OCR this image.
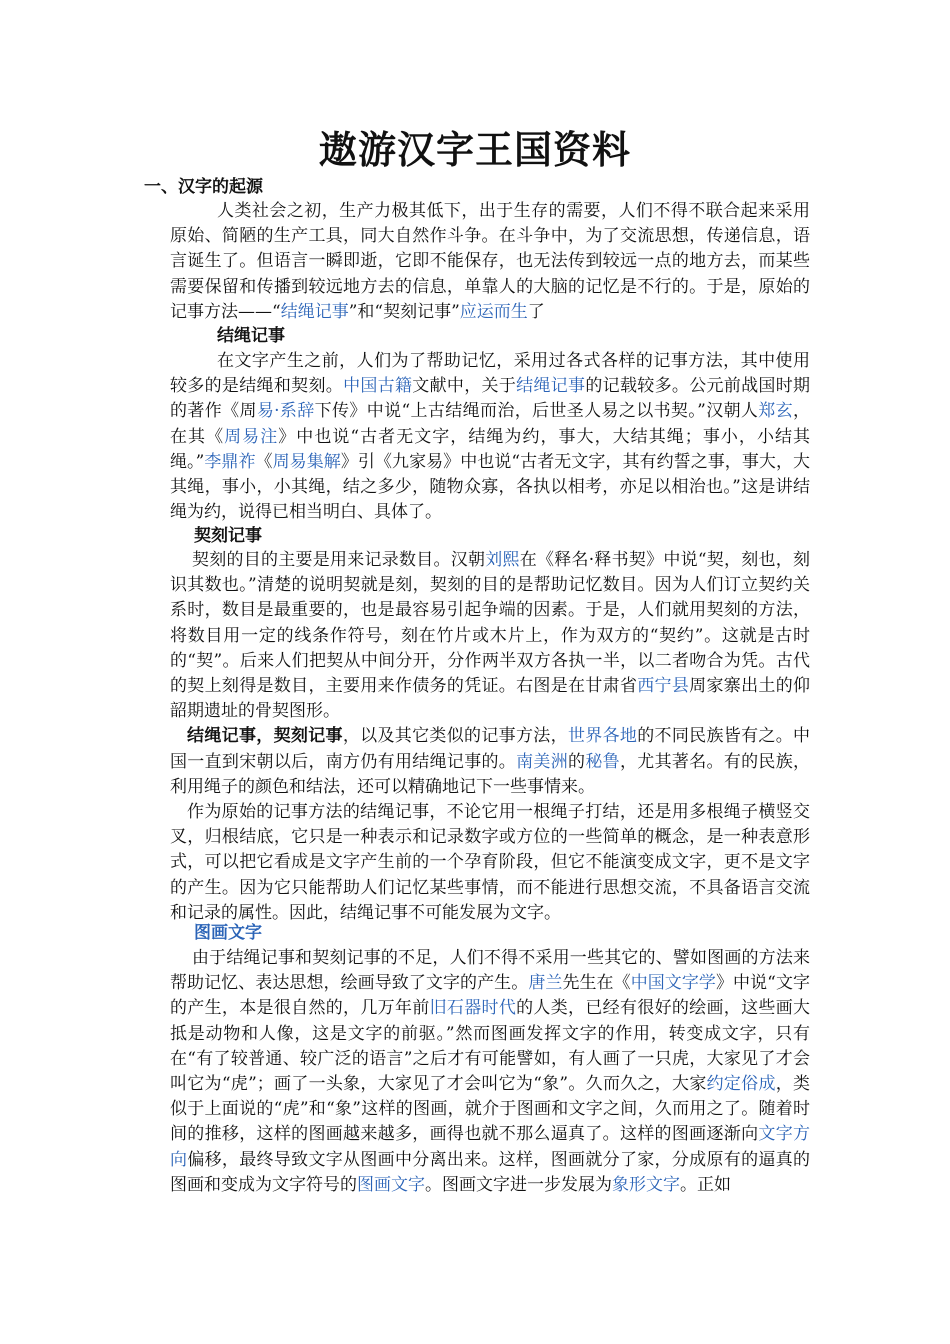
遨游汉字王国资料
一、汉字的起源

人类社会之初，生产力极其低下，出于生存的需要，人们不得不联合起来采用原始、简陋的生产工具，同大自然作斗争。在斗争中，为了交流思想，传递信息，语言诞生了。但语言一瞬即逝，它即不能保存，也无法传到较远一点的地方去，而某些需要保留和传播到较远地方去的信息，单靠人的大脑的记忆是不行的。于是，原始的记事方法——“结绳记事”和“契刻记事”应运而生了

结绳记事

在文字产生之前，人们为了帮助记忆，采用过各式各样的记事方法，其中使用较多的是结绳和契刻。中国古籍文献中，关于结绳记事的记载较多。公元前战国时期的著作《周易·系辞下传》中说“上古结绳而治，后世圣人易之以书契。”汉朝人郑玄，在其《周易注》中也说“古者无文字，结绳为约，事大，大结其绳；事小，小结其绳。”李鼎祚《周易集解》引《九家易》中也说“古者无文字，其有约誓之事，事大，大其绳，事小，小其绳，结之多少，随物众寡，各执以相考，亦足以相治也。”这是讲结绳为约，说得已相当明白、具体了。

契刻记事

契刻的目的主要是用来记录数目。汉朝刘熙在《释名·释书契》中说“契，刻也，刻识其数也。”清楚的说明契就是刻，契刻的目的是帮助记忆数目。因为人们订立契约关系时，数目是最重要的，也是最容易引起争端的因素。于是，人们就用契刻的方法，将数目用一定的线条作符号，刻在竹片或木片上，作为双方的“契约”。这就是古时的“契”。后来人们把契从中间分开，分作两半双方各执一半，以二者吻合为凭。古代的契上刻得是数目，主要用来作债务的凭证。右图是在甘肃省西宁县周家寨出土的仰韶期遗址的骨契图形。

结绳记事，契刻记事，以及其它类似的记事方法，世界各地的不同民族皆有之。中国一直到宋朝以后，南方仍有用结绳记事的。南美洲的秘鲁，尤其著名。有的民族，利用绳子的颜色和结法，还可以精确地记下一些事情来。

作为原始的记事方法的结绳记事，不论它用一根绳子打结，还是用多根绳子横竖交叉，归根结底，它只是一种表示和记录数字或方位的一些简单的概念，是一种表意形式，可以把它看成是文字产生前的一个孕育阶段，但它不能演变成文字，更不是文字的产生。因为它只能帮助人们记忆某些事情，而不能进行思想交流，不具备语言交流和记录的属性。因此，结绳记事不可能发展为文字。

图画文字

由于结绳记事和契刻记事的不足，人们不得不采用一些其它的、譬如图画的方法来帮助记忆、表达思想，绘画导致了文字的产生。唐兰先生在《中国文字学》中说“文字的产生，本是很自然的，几万年前旧石器时代的人类，已经有很好的绘画，这些画大抵是动物和人像，这是文字的前驱。”然而图画发挥文字的作用，转变成文字，只有在“有了较普通、较广泛的语言”之后才有可能譬如，有人画了一只虎，大家见了才会叫它为“虎”；画了一头象，大家见了才会叫它为“象”。久而久之，大家约定俗成，类似于上面说的“虎”和“象”这样的图画，就介于图画和文字之间，久而用之了。随着时间的推移，这样的图画越来越多，画得也就不那么逼真了。这样的图画逐渐向文字方向偏移，最终导致文字从图画中分离出来。这样，图画就分了家，分成原有的逼真的图画和变成为文字符号的图画文字。图画文字进一步发展为象形文字。正如
